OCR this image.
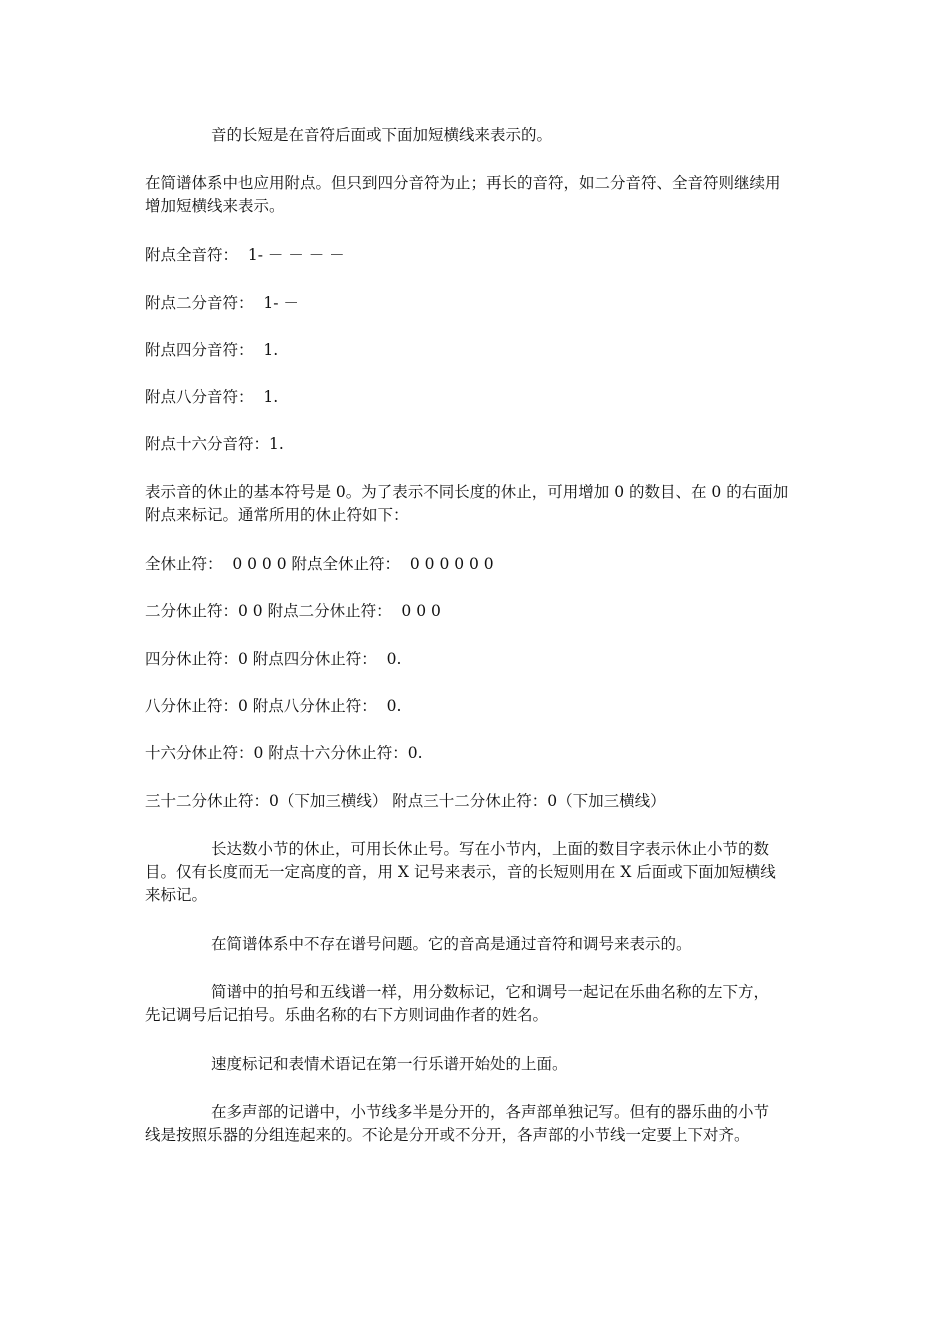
音的长短是在音符后面或下面加短横线来表示的。

在简谱体系中也应用附点。但只到四分音符为止；再长的音符，如二分音符、全音符则继续用
增加短横线来表示。

附点全音符：  1- － － － －

附点二分音符：  1- －

附点四分音符：  1.

附点八分音符：  1.

附点十六分音符：1.

表示音的休止的基本符号是 0。为了表示不同长度的休止，可用增加 0 的数目、在 0 的右面加
附点来标记。通常所用的休止符如下：

全休止符：  0 0 0 0 附点全休止符：  0 0 0 0 0 0

二分休止符：0 0 附点二分休止符：  0 0 0

四分休止符：0 附点四分休止符：  0.

八分休止符：0 附点八分休止符：  0.

十六分休止符：0 附点十六分休止符：0.

三十二分休止符：0（下加三横线） 附点三十二分休止符：0（下加三横线）

长达数小节的休止，可用长休止号。写在小节内，上面的数目字表示休止小节的数
目。仅有长度而无一定高度的音，用 X 记号来表示，音的长短则用在 X 后面或下面加短横线
来标记。

在简谱体系中不存在谱号问题。它的音高是通过音符和调号来表示的。

简谱中的拍号和五线谱一样，用分数标记，它和调号一起记在乐曲名称的左下方，
先记调号后记拍号。乐曲名称的右下方则词曲作者的姓名。

速度标记和表情术语记在第一行乐谱开始处的上面。

在多声部的记谱中，小节线多半是分开的，各声部单独记写。但有的器乐曲的小节
线是按照乐器的分组连起来的。不论是分开或不分开，各声部的小节线一定要上下对齐。
